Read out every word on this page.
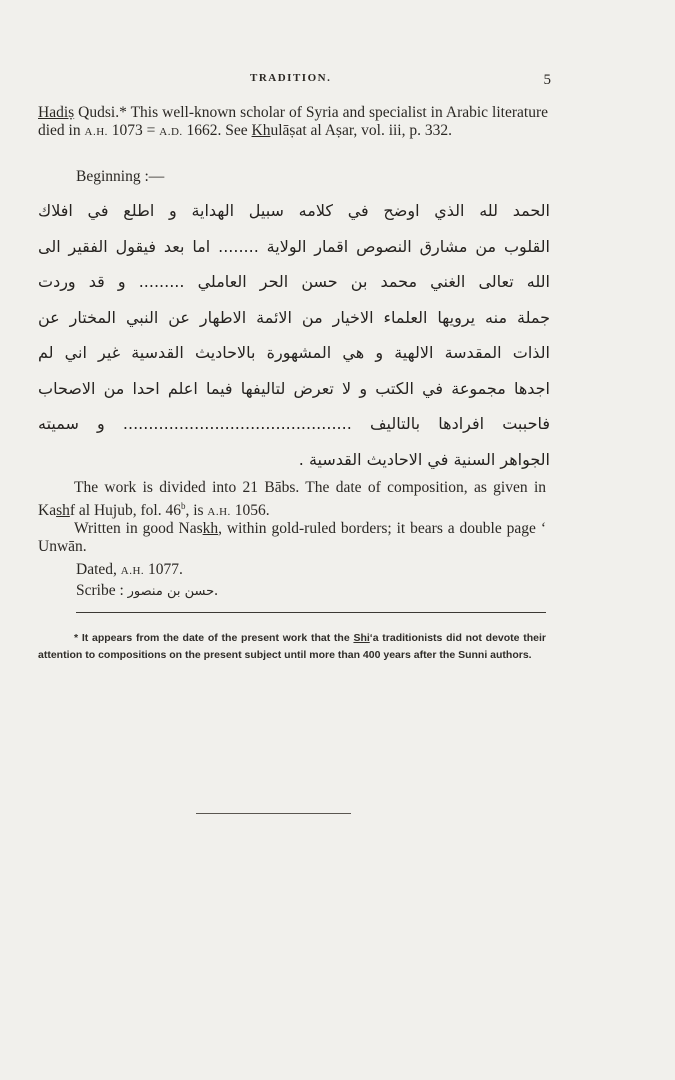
TRADITION.	5
Hadiṣ Qudsi.* This well-known scholar of Syria and specialist in Arabic literature died in A.H. 1073 = A.D. 1662. See Khulāṣat al Aṣar, vol. iii, p. 332.
Beginning :—
الحمد لله الذي اوضح في كلامه سبيل الهداية و اطلع في افلاك
القلوب من مشارق النصوص اقمار الولاية ........ اما بعد فيقول الفقير الى
الله تعالى الغني محمد بن حسن الحر العاملي ......... و قد وردت
جملة منه يرويها العلماء الاخيار من الائمة الاطهار عن النبي المختار عن
الذات المقدسة الالهية و هي المشهورة بالاحاديث القدسية غير اني لم
اجدها مجموعة في الكتب و لا تعرض لتاليفها فيما اعلم احدا من الاصحاب
فاحببت افرادها بالتاليف ............................................. و سميته
الجواهر السنية في الاحاديث القدسية .
The work is divided into 21 Bābs. The date of composition, as given in Kashf al Hujub, fol. 46$^b$, is A.H. 1056.
Written in good Naskh, within gold-ruled borders; it bears a double page ‘ Unwān.
Dated, A.H. 1077.
Scribe : حسن بن منصور.
* It appears from the date of the present work that the Shi‘a traditionists did not devote their attention to compositions on the present subject until more than 400 years after the Sunni authors.
